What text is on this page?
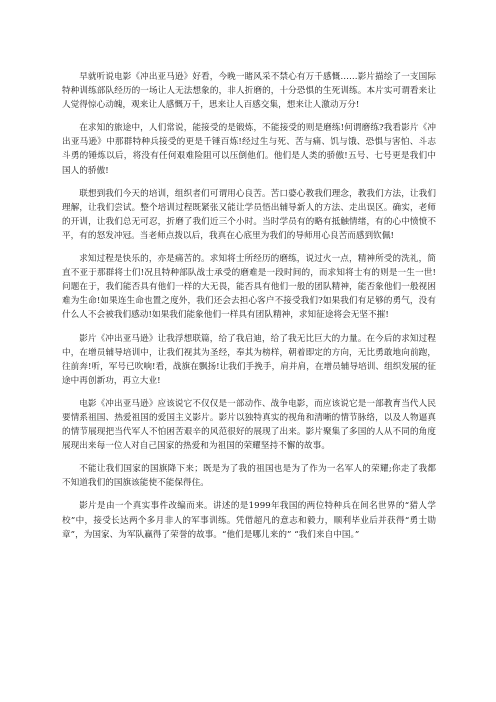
早就听说电影《冲出亚马逊》好看，今晚一睹风采不禁心有万千感慨……影片描绘了一支国际特种训练部队经历的一场让人无法想象的，非人折磨的，十分恐惧的生死训练。本片实可谓看来让人觉得惊心动魄，观来让人感慨万千，思来让人百感交集，想来让人激动万分!

在求知的旅途中，人们常说，能接受的是锻炼，不能接受的则是磨练!何谓磨练?我看影片《冲出亚马逊》中那群特种兵接受的更是千锤百炼!经过生与死、苦与痛、饥与饿、恐惧与害怕、斗志斗勇的锤炼以后，将没有任何艰难险阻可以压倒他们。他们是人类的骄傲!五号、七号更是我们中国人的骄傲!

联想到我们今天的培训，组织者们可谓用心良苦。苦口婆心教我们理念，教我们方法，让我们理解，让我们尝试。整个培训过程既紧张又能让学员悟出辅导新人的方法、走出误区。确实，老师的开训，让我们总无可忍，折磨了我们近三个小时。当时学员有的略有抵触情绪，有的心中愤愤不平，有的怒发冲冠。当老师点拨以后，我真在心底里为我们的导师用心良苦而感到钦佩!

求知过程是快乐的，亦是痛苦的。求知将士所经历的磨练，说过火一点，精神所受的洗礼，简直不亚于那群将士们!况且特种部队战士承受的磨难是一段时间的，而求知将士有的则是一生一世!问题在于，我们能否具有他们一样的大无畏，能否具有他们一般的团队精神，能否象他们一般视困难为生命!如果连生命也置之度外，我们还会去担心客户不接受我们?如果我们有足够的勇气，没有什么人不会被我们感动!如果我们能象他们一样具有团队精神，求知征途将会无坚不摧!

影片《冲出亚马逊》让我浮想联篇，给了我启迪，给了我无比巨大的力量。在今后的求知过程中，在增员辅导培训中，让我们视其为圣经，奉其为榜样，朝着即定的方向，无比勇敢地向前跑，往前奔!听，军号已吹响!看，战旗在飘扬!让我们手挽手，肩并肩，在增员辅导培训、组织发展的征途中再创新功，再立大业!

电影《冲出亚马逊》应该说它不仅仅是一部动作、战争电影，而应该说它是一部教育当代人民要情系祖国、热爱祖国的爱国主义影片。影片以独特真实的视角和清晰的情节脉络，以及人物逼真的情节展现把当代军人不怕困苦艰辛的风范很好的展现了出来。影片聚集了多国的人从不同的角度展现出来每一位人对自己国家的热爱和为祖国的荣耀坚持不懈的故事。

不能让我们国家的国旗降下来；既是为了我的祖国也是为了作为一名军人的荣耀;你走了我都不知道我们的国旗该能使不能保得住。

影片是由一个真实事件改编而来。讲述的是1999年我国的两位特种兵在间名世界的“猎人学校”中，接受长达两个多月非人的军事训练。凭借超凡的意志和毅力，顺利毕业后并获得“勇士勋章”，为国家、为军队赢得了荣誉的故事。“他们是哪儿来的” “我们来自中国。”
